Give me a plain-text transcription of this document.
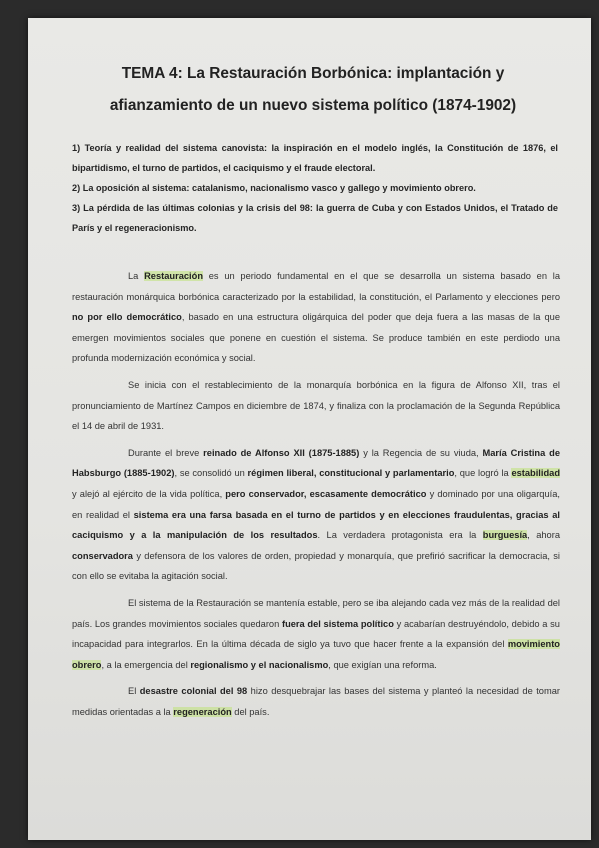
TEMA 4: La Restauración Borbónica: implantación y afianzamiento de un nuevo sistema político (1874-1902)

1) Teoría y realidad del sistema canovista: la inspiración en el modelo inglés, la Constitución de 1876, el bipartidismo, el turno de partidos, el caciquismo y el fraude electoral.

2) La oposición al sistema: catalanismo, nacionalismo vasco y gallego y movimiento obrero.

3) La pérdida de las últimas colonias y la crisis del 98: la guerra de Cuba y con Estados Unidos, el Tratado de París y el regeneracionismo.

La Restauración es un periodo fundamental en el que se desarrolla un sistema basado en la restauración monárquica borbónica caracterizado por la estabilidad, la constitución, el Parlamento y elecciones pero no por ello democrático, basado en una estructura oligárquica del poder que deja fuera a las masas de la que emergen movimientos sociales que ponene en cuestión el sistema. Se produce también en este perdiodo una profunda modernización económica y social.

Se inicia con el restablecimiento de la monarquía borbónica en la figura de Alfonso XII, tras el pronunciamiento de Martínez Campos en diciembre de 1874, y finaliza con la proclamación de la Segunda República el 14 de abril de 1931.

Durante el breve reinado de Alfonso XII (1875-1885) y la Regencia de su viuda, María Cristina de Habsburgo (1885-1902), se consolidó un régimen liberal, constitucional y parlamentario, que logró la estabilidad y alejó al ejército de la vida política, pero conservador, escasamente democrático y dominado por una oligarquía, en realidad el sistema era una farsa basada en el turno de partidos y en elecciones fraudulentas, gracias al caciquismo y a la manipulación de los resultados. La verdadera protagonista era la burguesía, ahora conservadora y defensora de los valores de orden, propiedad y monarquía, que prefirió sacrificar la democracia, si con ello se evitaba la agitación social.

El sistema de la Restauración se mantenía estable, pero se iba alejando cada vez más de la realidad del país. Los grandes movimientos sociales quedaron fuera del sistema político y acabarían destruyéndolo, debido a su incapacidad para integrarlos. En la última década de siglo ya tuvo que hacer frente a la expansión del movimiento obrero, a la emergencia del regionalismo y el nacionalismo, que exigían una reforma.

El desastre colonial del 98 hizo desquebrajar las bases del sistema y planteó la necesidad de tomar medidas orientadas a la regeneración del país.
